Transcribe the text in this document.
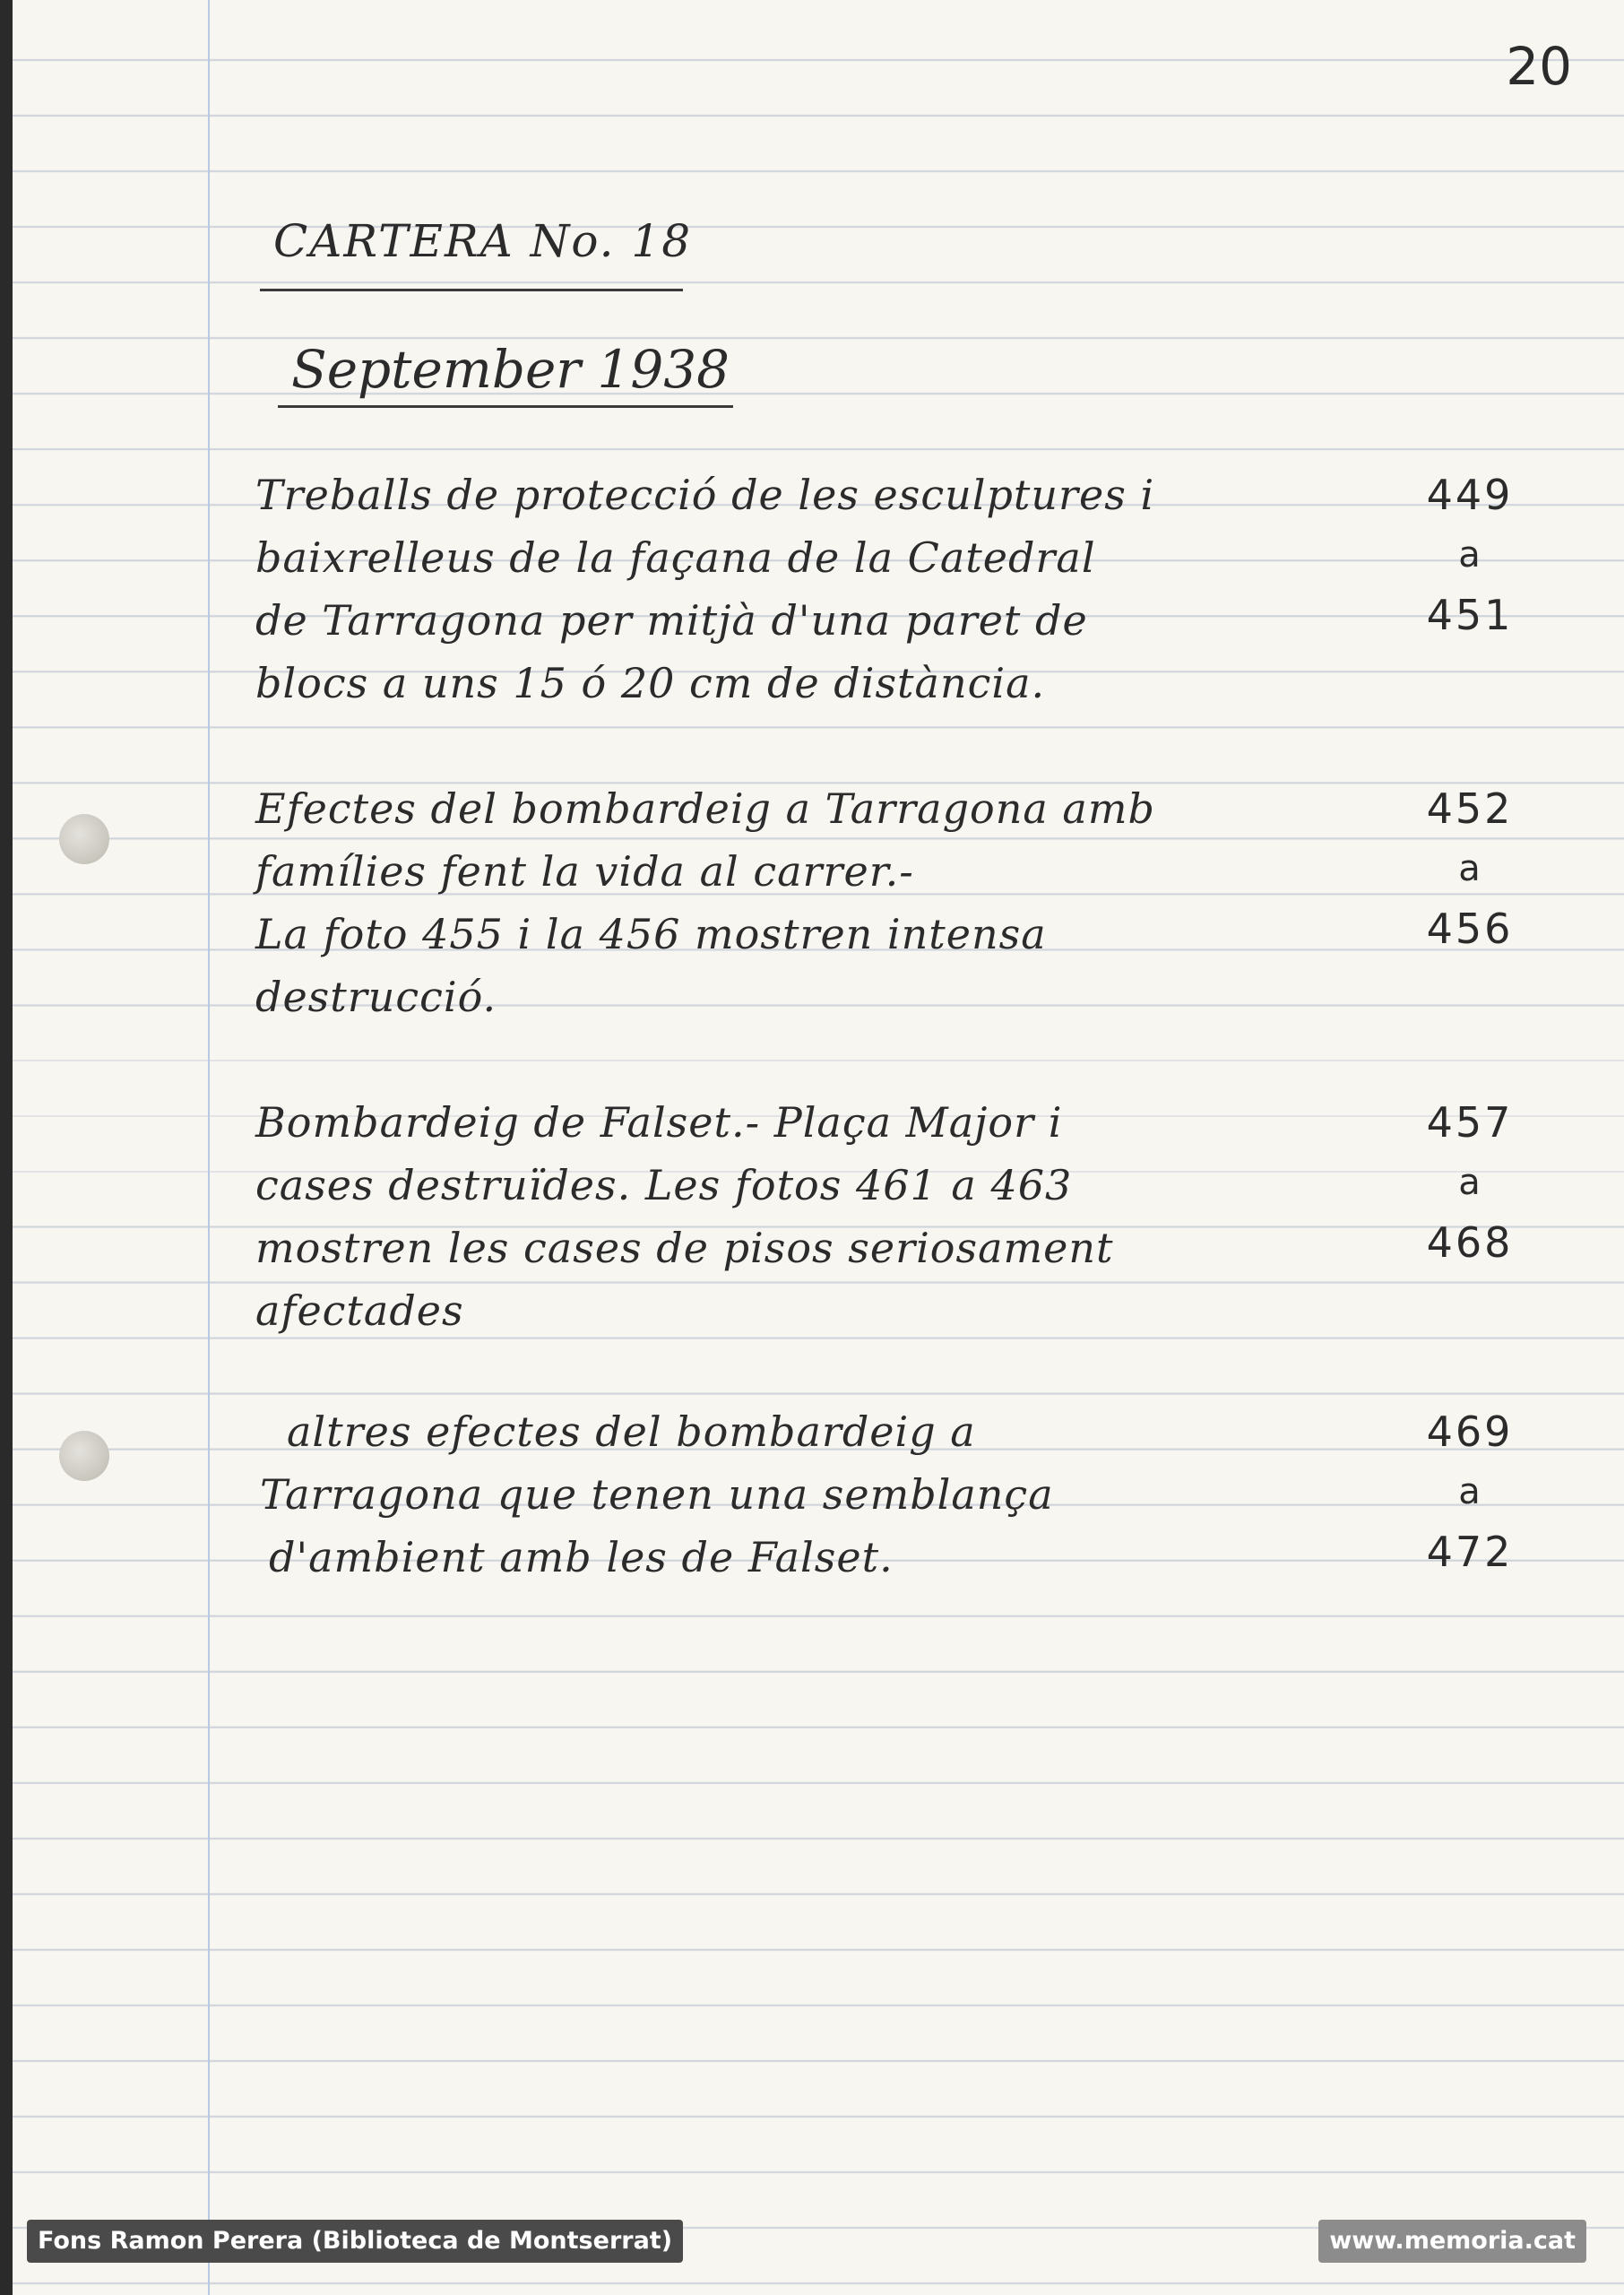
20
CARTERA No. 18
September 1938
Treballs de protecció de les esculptures i
baixrelleus de la façana de la Catedral
de Tarragona per mitjà d'una paret de
blocs a uns 15 ó 20 cm de distància.
449
a
451
Efectes del bombardeig a Tarragona amb
famílies fent la vida al carrer.-
La foto 455 i la 456 mostren intensa
destrucció.
452
a
456
Bombardeig de Falset.- Plaça Major i
cases destruïdes. Les fotos 461 a 463
mostren les cases de pisos seriosament
afectades
457
a
468
altres efectes del bombardeig a
Tarragona que tenen una semblança
d'ambient amb les de Falset.
469
a
472
Fons Ramon Perera (Biblioteca de Montserrat)	www.memoria.cat
